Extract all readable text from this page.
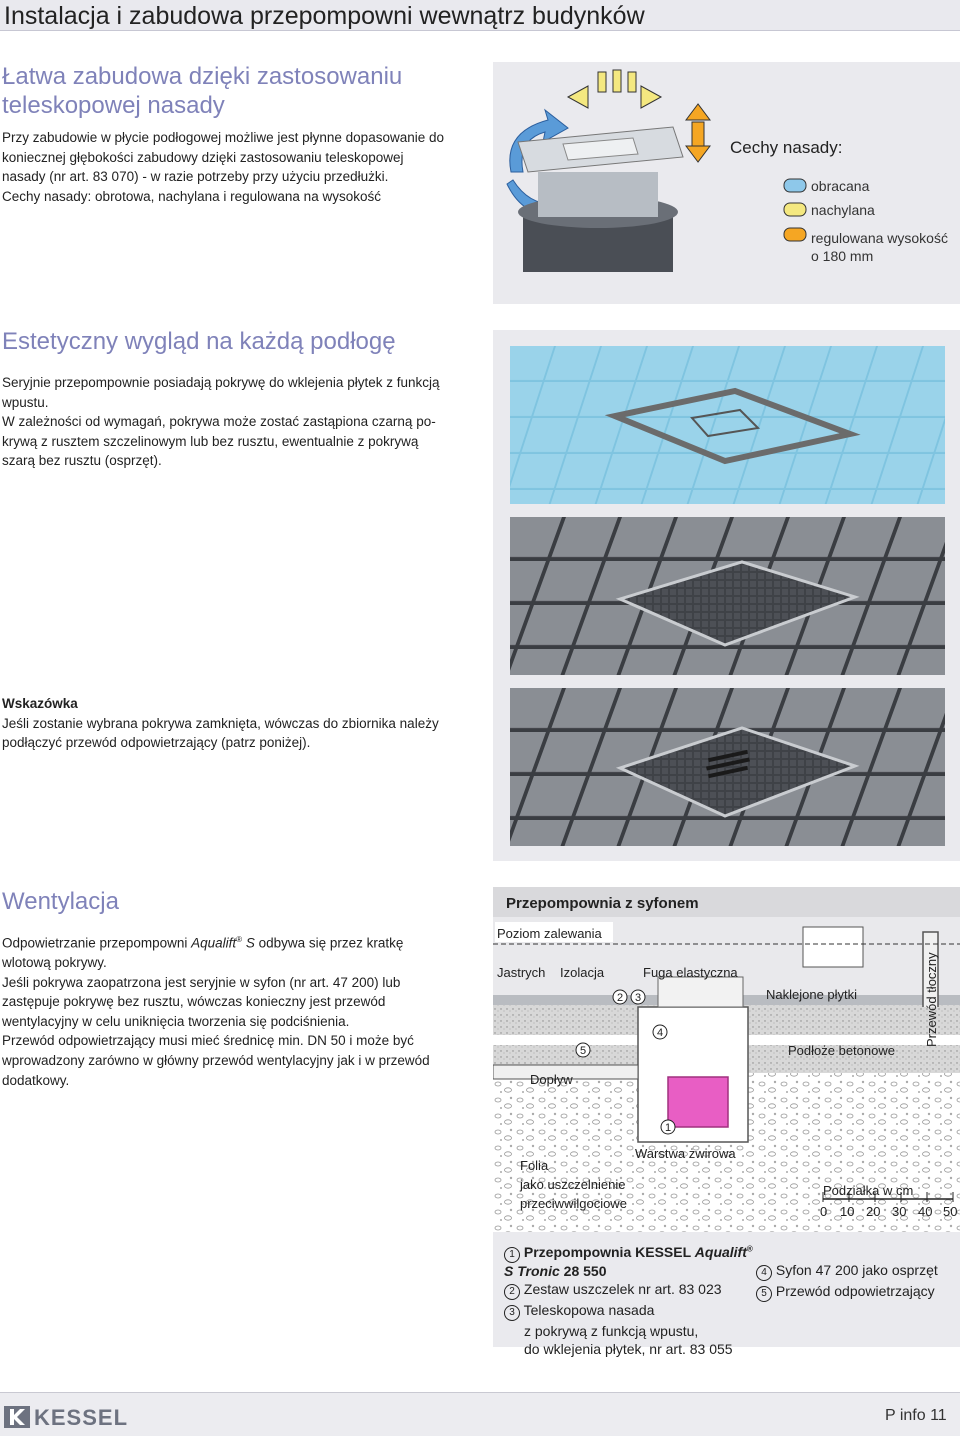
Instalacja i zabudowa przepompowni wewnątrz budynków
Łatwa zabudowa dzięki zastosowaniu
teleskopowej nasady
Przy zabudowie w płycie podłogowej możliwe jest płynne dopasowanie do
koniecznej głębokości zabudowy dzięki zastosowaniu teleskopowej
nasady (nr art. 83 070) - w razie potrzeby przy użyciu przedłużki.
Cechy nasady: obrotowa, nachylana i regulowana na wysokość
Cechy nasady:
obracana
nachylana
regulowana wysokość
o 180 mm
Estetyczny wygląd na każdą podłogę
Seryjnie przepompownie posiadają pokrywę do wklejenia płytek z funkcją
wpustu.
W zależności od wymagań, pokrywa może zostać zastąpiona czarną po-
krywą z rusztem szczelinowym lub bez rusztu, ewentualnie z pokrywą
szarą bez rusztu (osprzęt).
Wskazówka
Jeśli zostanie wybrana pokrywa zamknięta, wówczas do zbiornika należy
podłączyć przewód odpowietrzający (patrz poniżej).
Wentylacja
Odpowietrzanie przepompowni Aqualift® S odbywa się przez kratkę
wlotową pokrywy.
Jeśli pokrywa zaopatrzona jest seryjnie w syfon (nr art. 47 200) lub
zastępuje pokrywę bez rusztu, wówczas konieczny jest przewód
wentylacyjny w celu uniknięcia tworzenia się podciśnienia.
Przewód odpowietrzający musi mieć średnicę min. DN 50 i może być
wprowadzony zarówno w główny przewód wentylacyjny jak i w przewód
dodatkowy.
Przepompownia z syfonem
Poziom zalewania
Jastrych Izolacja	Fuga elastyczna
Naklejone płytki	Przewód tłoczny
Podłoże betonowe
Dopływ
Warstwa żwirowa
Folia
jako uszczelnienie
przeciwwilgociowe
Podziałka w cm
0 10 20 30 40 50
2 3
4
5
1
1 Przepompownia KESSEL Aqualift® S Tronic 28 550
2 Zestaw uszczelek nr art. 83 023
3 Teleskopowa nasada
z pokrywą z funkcją wpustu,
do wklejenia płytek, nr art. 83 055
4 Syfon 47 200 jako osprzęt
5 Przewód odpowietrzający
KESSEL	P info 11
